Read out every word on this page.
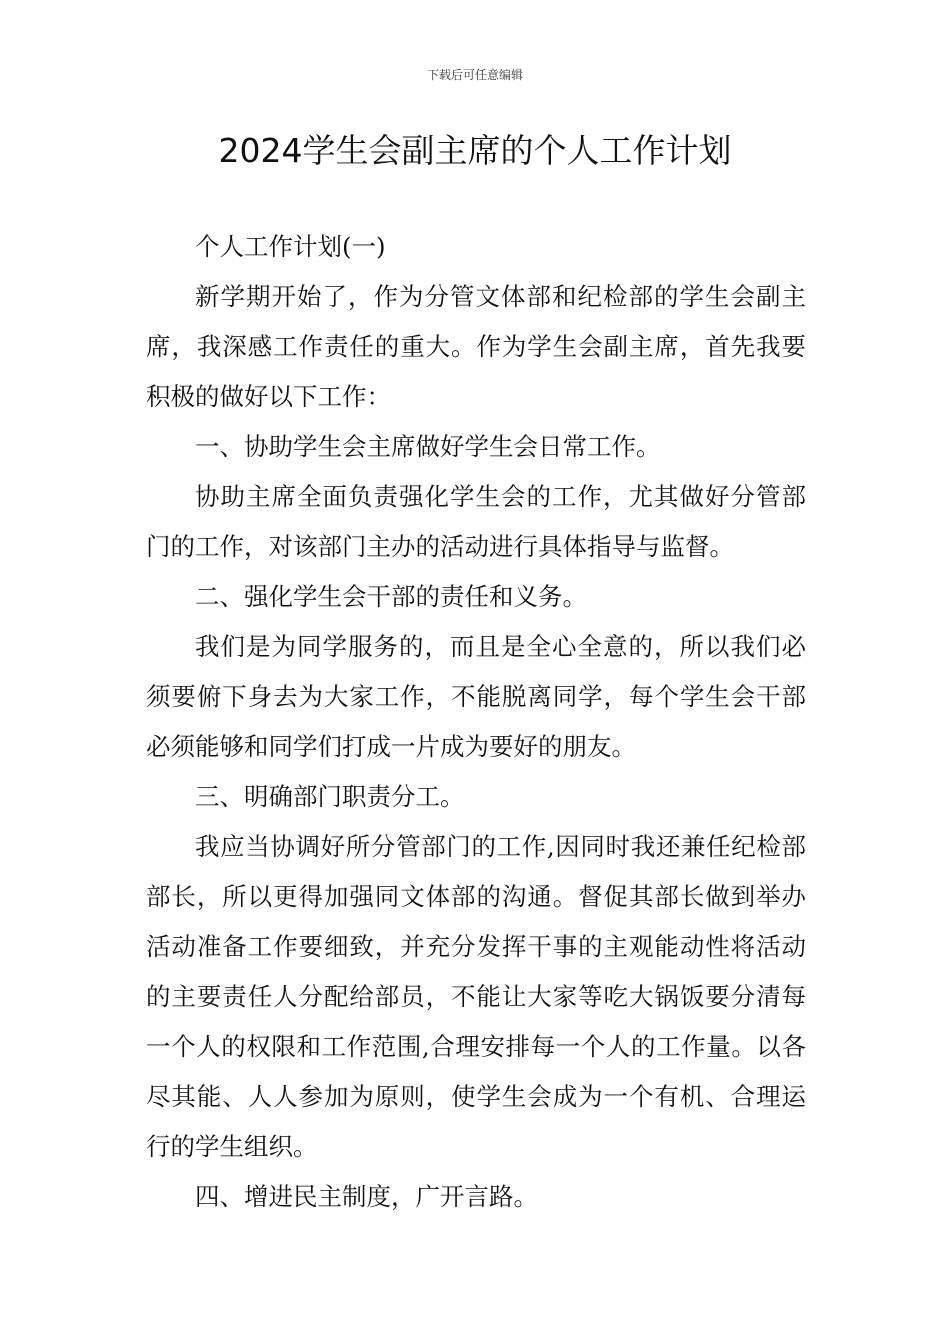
下载后可任意编辑
2024学生会副主席的个人工作计划

个人工作计划(一)

新学期开始了，作为分管文体部和纪检部的学生会副主席，我深感工作责任的重大。作为学生会副主席，首先我要积极的做好以下工作：

一、协助学生会主席做好学生会日常工作。

协助主席全面负责强化学生会的工作，尤其做好分管部门的工作，对该部门主办的活动进行具体指导与监督。

二、强化学生会干部的责任和义务。

我们是为同学服务的，而且是全心全意的，所以我们必须要俯下身去为大家工作，不能脱离同学，每个学生会干部必须能够和同学们打成一片成为要好的朋友。

三、明确部门职责分工。

我应当协调好所分管部门的工作,因同时我还兼任纪检部部长，所以更得加强同文体部的沟通。督促其部长做到举办活动准备工作要细致，并充分发挥干事的主观能动性将活动的主要责任人分配给部员，不能让大家等吃大锅饭要分清每一个人的权限和工作范围,合理安排每一个人的工作量。以各尽其能、人人参加为原则，使学生会成为一个有机、合理运行的学生组织。

四、增进民主制度，广开言路。
